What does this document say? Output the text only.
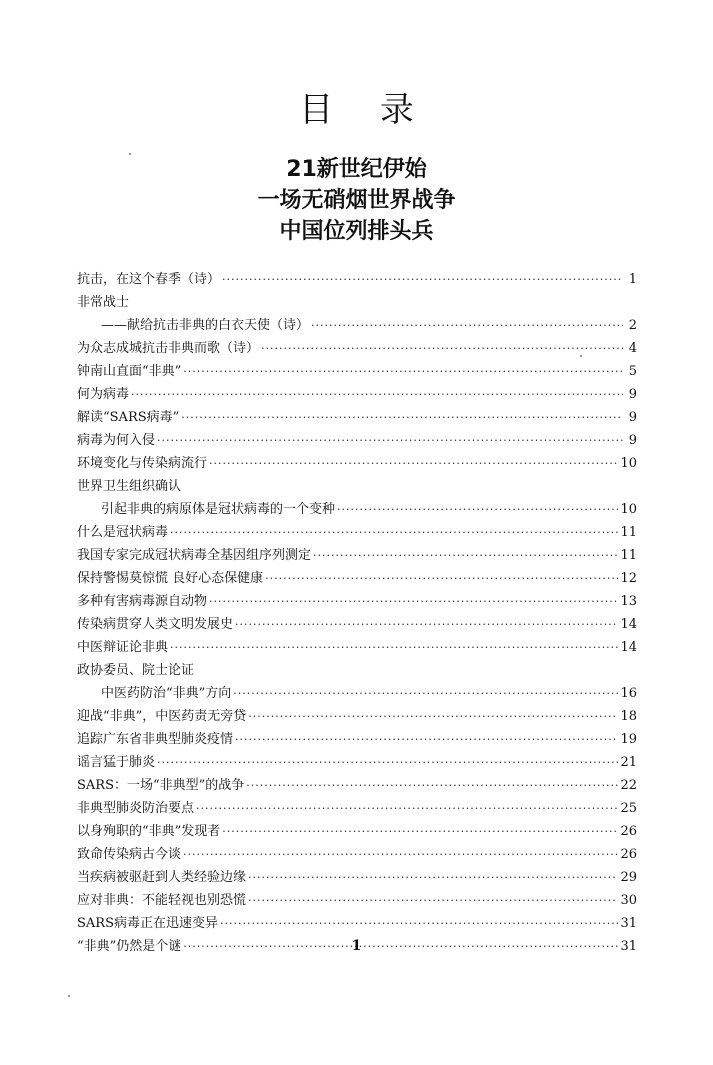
目 录
21新世纪伊始
一场无硝烟世界战争
中国位列排头兵
抗击，在这个春季（诗） ·····	1
非常战士
——献给抗击非典的白衣天使（诗） ·····	2
为众志成城抗击非典而歌（诗） ·····	4
钟南山直面“非典” ·····	5
何为病毒 ·····	9
解读“SARS病毒” ·····	9
病毒为何入侵 ·····	9
环境变化与传染病流行 ·····	10
世界卫生组织确认
引起非典的病原体是冠状病毒的一个变种 ·····	10
什么是冠状病毒 ·····	11
我国专家完成冠状病毒全基因组序列测定 ·····	11
保持警惕莫惊慌 良好心态保健康 ·····	12
多种有害病毒源自动物 ·····	13
传染病贯穿人类文明发展史 ·····	14
中医辩证论非典 ·····	14
政协委员、院士论证
中医药防治“非典”方向 ·····	16
迎战“非典”，中医药责无旁贷 ·····	18
追踪广东省非典型肺炎疫情 ·····	19
谣言猛于肺炎 ·····	21
SARS：一场“非典型”的战争 ·····	22
非典型肺炎防治要点 ·····	25
以身殉职的“非典”发现者 ·····	26
致命传染病古今谈 ·····	26
当疾病被驱赶到人类经验边缘 ·····	29
应对非典：不能轻视也别恐慌 ·····	30
SARS病毒正在迅速变异 ·····	31
“非典”仍然是个谜 ·····	31
1
